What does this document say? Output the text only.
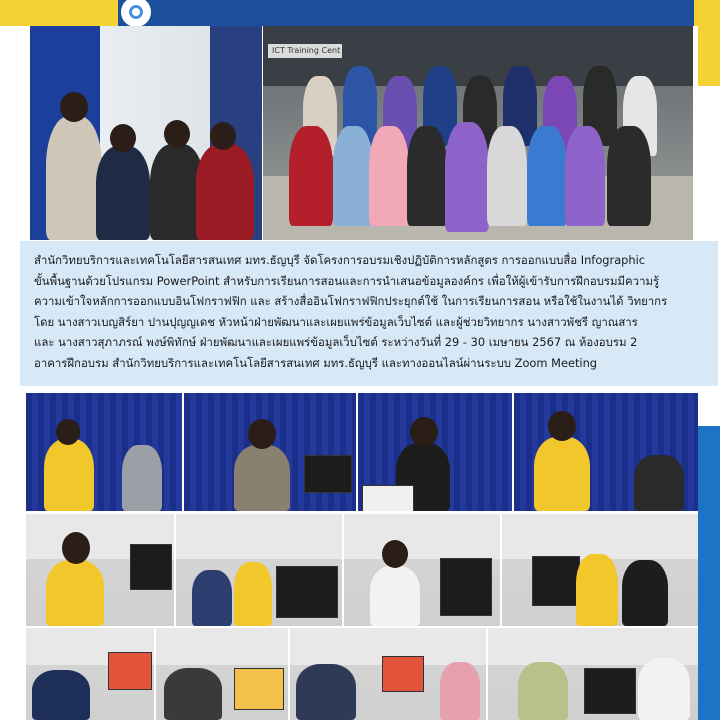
ICT Training Cent
สำนักวิทยบริการและเทคโนโลยีสารสนเทศ มทร.ธัญบุรี จัดโครงการอบรมเชิงปฏิบัติการหลักสูตร การออกแบบสื่อ Infographic
ขั้นพื้นฐานด้วยโปรแกรม PowerPoint สำหรับการเรียนการสอนและการนำเสนอข้อมูลองค์กร เพื่อให้ผู้เข้ารับการฝึกอบรมมีความรู้
ความเข้าใจหลักการออกแบบอินโฟกราฟฟิก และ สร้างสื่ออินโฟกราฟฟิกประยุกต์ใช้ ในการเรียนการสอน หรือใช้ในงานได้ วิทยากร
โดย นางสาวเบญสิร์ยา ปานปุญญเดช หัวหน้าฝ่ายพัฒนาและเผยแพร่ข้อมูลเว็บไซต์ และผู้ช่วยวิทยากร นางสาวพัชรี ญาณสาร
และ นางสาวสุภาภรณ์ พงษ์พิทักษ์ ฝ่ายพัฒนาและเผยแพร่ข้อมูลเว็บไซต์ ระหว่างวันที่ 29 - 30 เมษายน 2567 ณ ห้องอบรม 2
อาคารฝึกอบรม สำนักวิทยบริการและเทคโนโลยีสารสนเทศ มทร.ธัญบุรี และทางออนไลน์ผ่านระบบ Zoom Meeting
